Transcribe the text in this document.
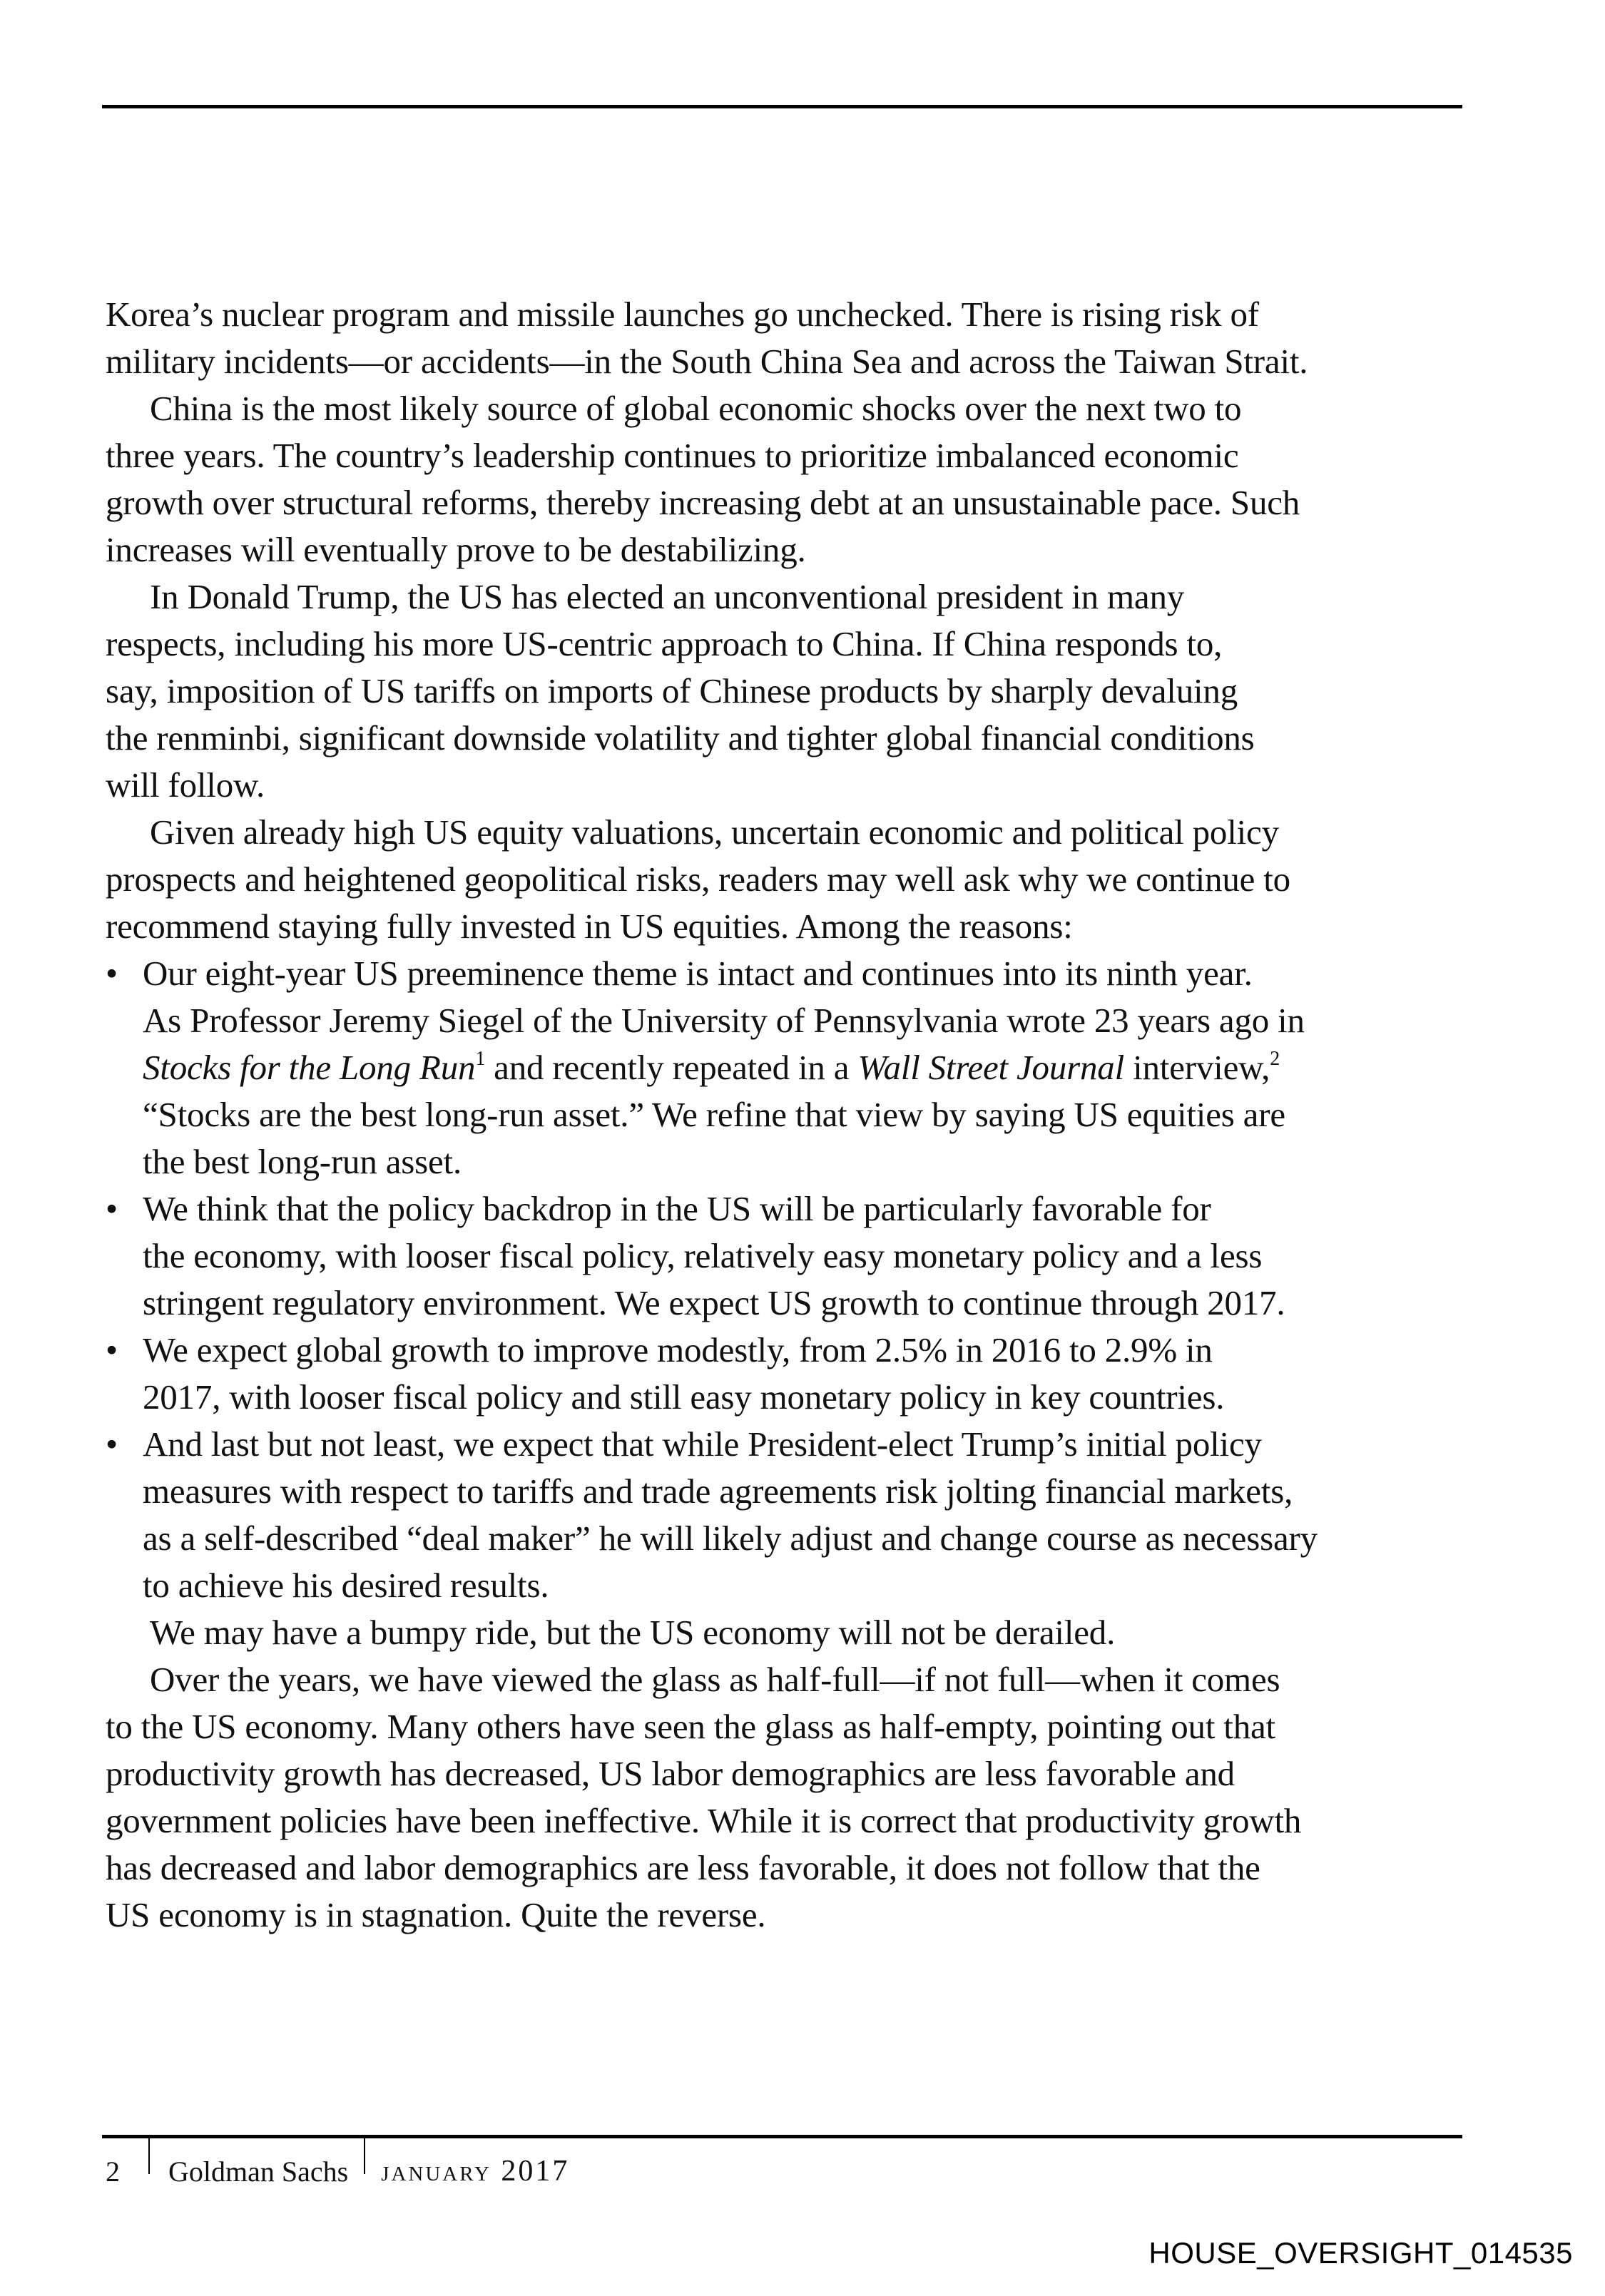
Korea’s nuclear program and missile launches go unchecked. There is rising risk of
military incidents—or accidents—in the South China Sea and across the Taiwan Strait.
China is the most likely source of global economic shocks over the next two to
three years. The country’s leadership continues to prioritize imbalanced economic
growth over structural reforms, thereby increasing debt at an unsustainable pace. Such
increases will eventually prove to be destabilizing.
In Donald Trump, the US has elected an unconventional president in many
respects, including his more US-centric approach to China. If China responds to,
say, imposition of US tariffs on imports of Chinese products by sharply devaluing
the renminbi, significant downside volatility and tighter global financial conditions
will follow.
Given already high US equity valuations, uncertain economic and political policy
prospects and heightened geopolitical risks, readers may well ask why we continue to
recommend staying fully invested in US equities. Among the reasons:
• Our eight-year US preeminence theme is intact and continues into its ninth year.
As Professor Jeremy Siegel of the University of Pennsylvania wrote 23 years ago in
Stocks for the Long Run$^1$ and recently repeated in a Wall Street Journal interview,$^2$
“Stocks are the best long-run asset.” We refine that view by saying US equities are
the best long-run asset.
• We think that the policy backdrop in the US will be particularly favorable for
the economy, with looser fiscal policy, relatively easy monetary policy and a less
stringent regulatory environment. We expect US growth to continue through 2017.
• We expect global growth to improve modestly, from 2.5% in 2016 to 2.9% in
2017, with looser fiscal policy and still easy monetary policy in key countries.
• And last but not least, we expect that while President-elect Trump’s initial policy
measures with respect to tariffs and trade agreements risk jolting financial markets,
as a self-described “deal maker” he will likely adjust and change course as necessary
to achieve his desired results.
We may have a bumpy ride, but the US economy will not be derailed.
Over the years, we have viewed the glass as half-full—if not full—when it comes
to the US economy. Many others have seen the glass as half-empty, pointing out that
productivity growth has decreased, US labor demographics are less favorable and
government policies have been ineffective. While it is correct that productivity growth
has decreased and labor demographics are less favorable, it does not follow that the
US economy is in stagnation. Quite the reverse.
2	Goldman Sachs	january 2017
HOUSE_OVERSIGHT_014535
